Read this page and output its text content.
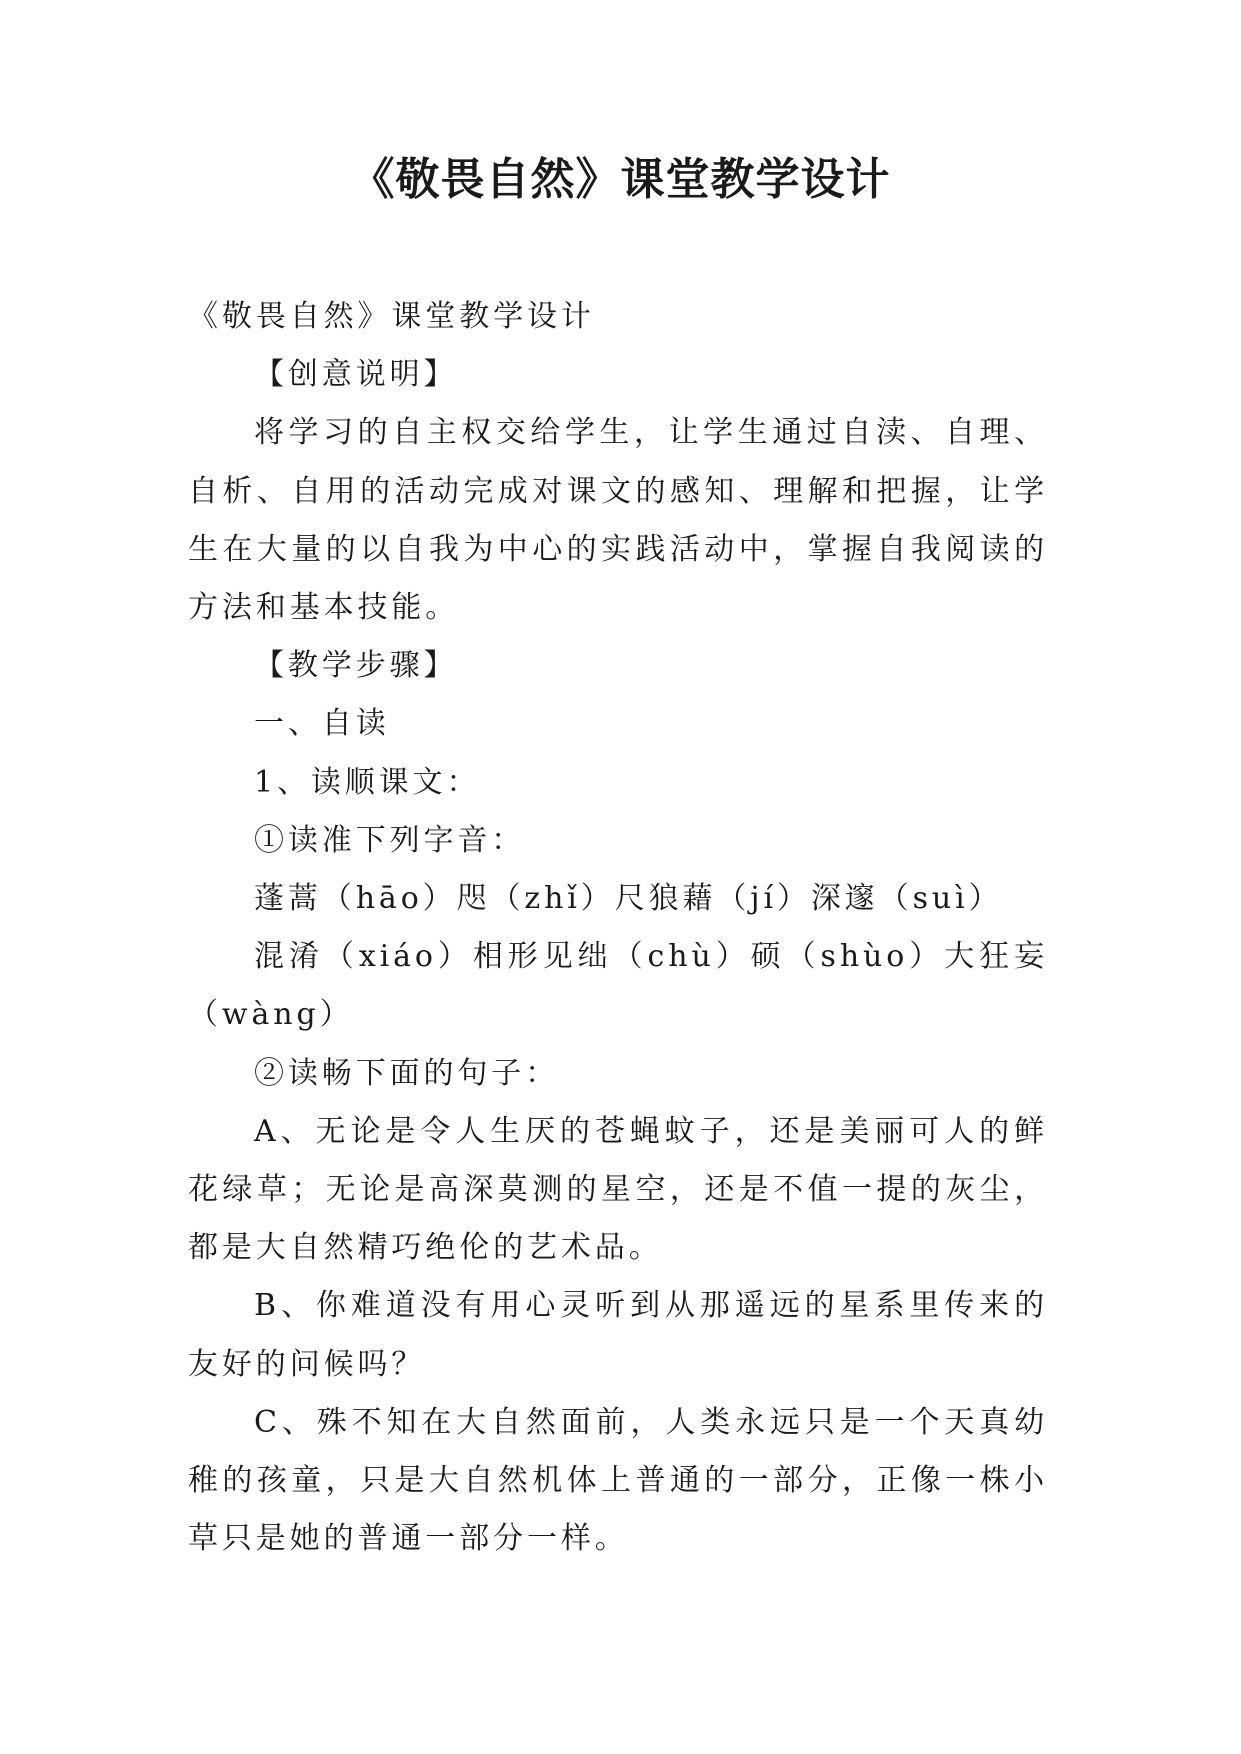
《敬畏自然》课堂教学设计

《敬畏自然》课堂教学设计

【创意说明】

将学习的自主权交给学生，让学生通过自渎、自理、自析、自用的活动完成对课文的感知、理解和把握，让学生在大量的以自我为中心的实践活动中，掌握自我阅读的方法和基本技能。

【教学步骤】

一、自读

1、读顺课文：

①读准下列字音：

蓬蒿（hāo）咫（zhǐ）尺狼藉（jí）深邃（suì）

混淆（xiáo）相形见绌（chù）硕（shùo）大狂妄（wàng）

②读畅下面的句子：

A、无论是令人生厌的苍蝇蚊子，还是美丽可人的鲜花绿草；无论是高深莫测的星空，还是不值一提的灰尘，都是大自然精巧绝伦的艺术品。

B、你难道没有用心灵听到从那遥远的星系里传来的友好的问候吗？

C、殊不知在大自然面前，人类永远只是一个天真幼稚的孩童，只是大自然机体上普通的一部分，正像一株小草只是她的普通一部分一样。
